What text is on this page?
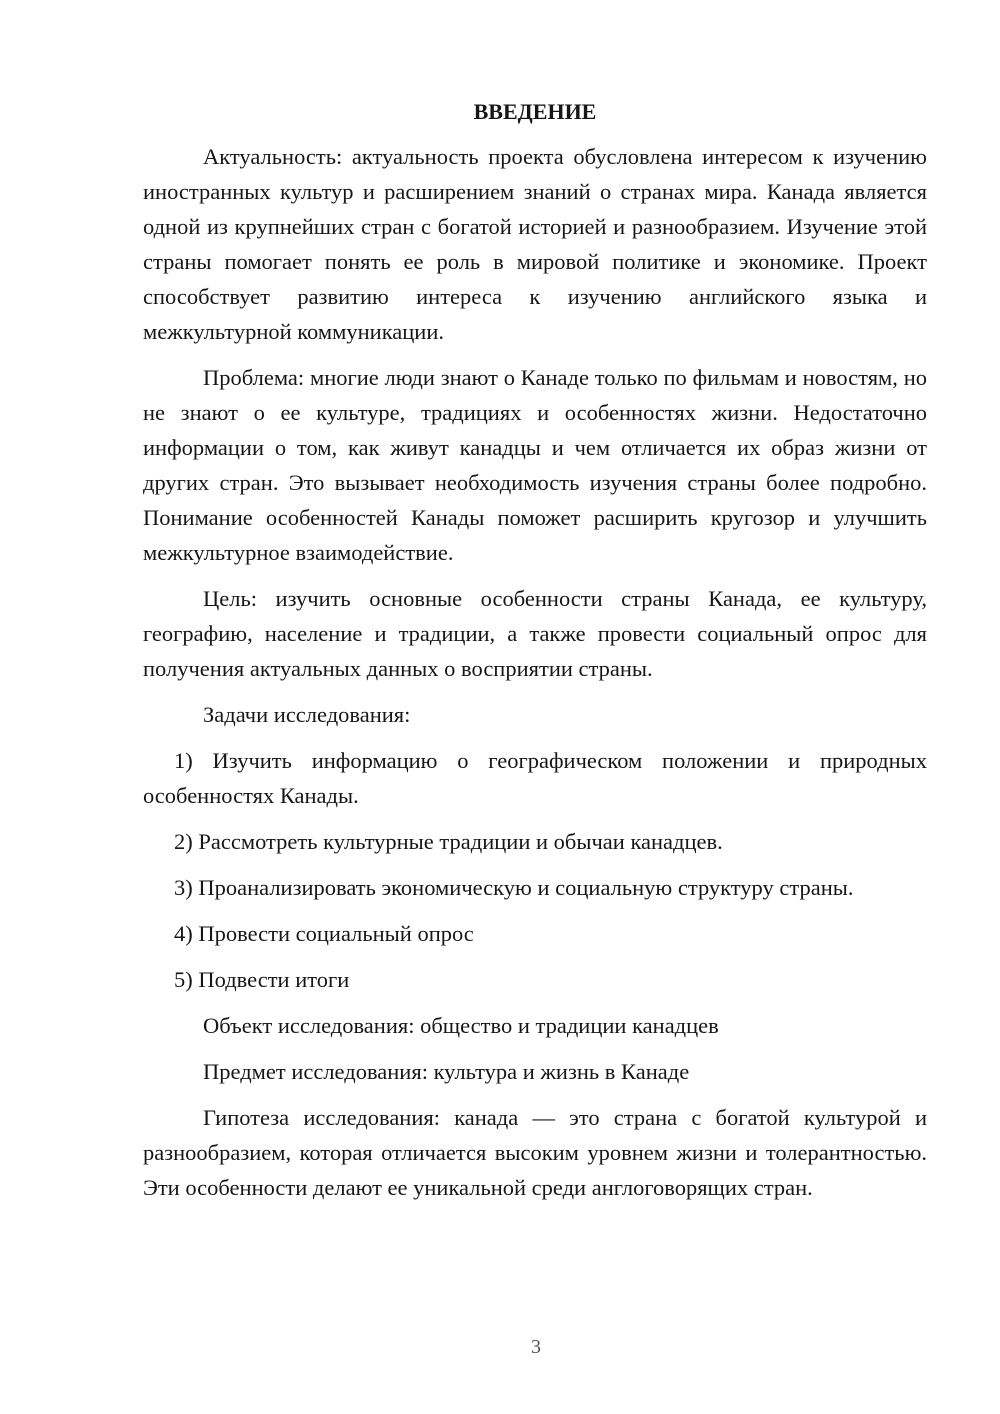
ВВЕДЕНИЕ
Актуальность: актуальность проекта обусловлена интересом к изучению иностранных культур и расширением знаний о странах мира. Канада является одной из крупнейших стран с богатой историей и разнообразием. Изучение этой страны помогает понять ее роль в мировой политике и экономике. Проект способствует развитию интереса к изучению английского языка и межкультурной коммуникации.
Проблема: многие люди знают о Канаде только по фильмам и новостям, но не знают о ее культуре, традициях и особенностях жизни. Недостаточно информации о том, как живут канадцы и чем отличается их образ жизни от других стран. Это вызывает необходимость изучения страны более подробно. Понимание особенностей Канады поможет расширить кругозор и улучшить межкультурное взаимодействие.
Цель: изучить основные особенности страны Канада, ее культуру, географию, население и традиции, а также провести социальный опрос для получения актуальных данных о восприятии страны.
Задачи исследования:
1) Изучить информацию о географическом положении и природных особенностях Канады.
2) Рассмотреть культурные традиции и обычаи канадцев.
3) Проанализировать экономическую и социальную структуру страны.
4) Провести социальный опрос
5) Подвести итоги
Объект исследования: общество и традиции канадцев
Предмет исследования: культура и жизнь в Канаде
Гипотеза исследования: канада — это страна с богатой культурой и разнообразием, которая отличается высоким уровнем жизни и толерантностью. Эти особенности делают ее уникальной среди англоговорящих стран.
3
